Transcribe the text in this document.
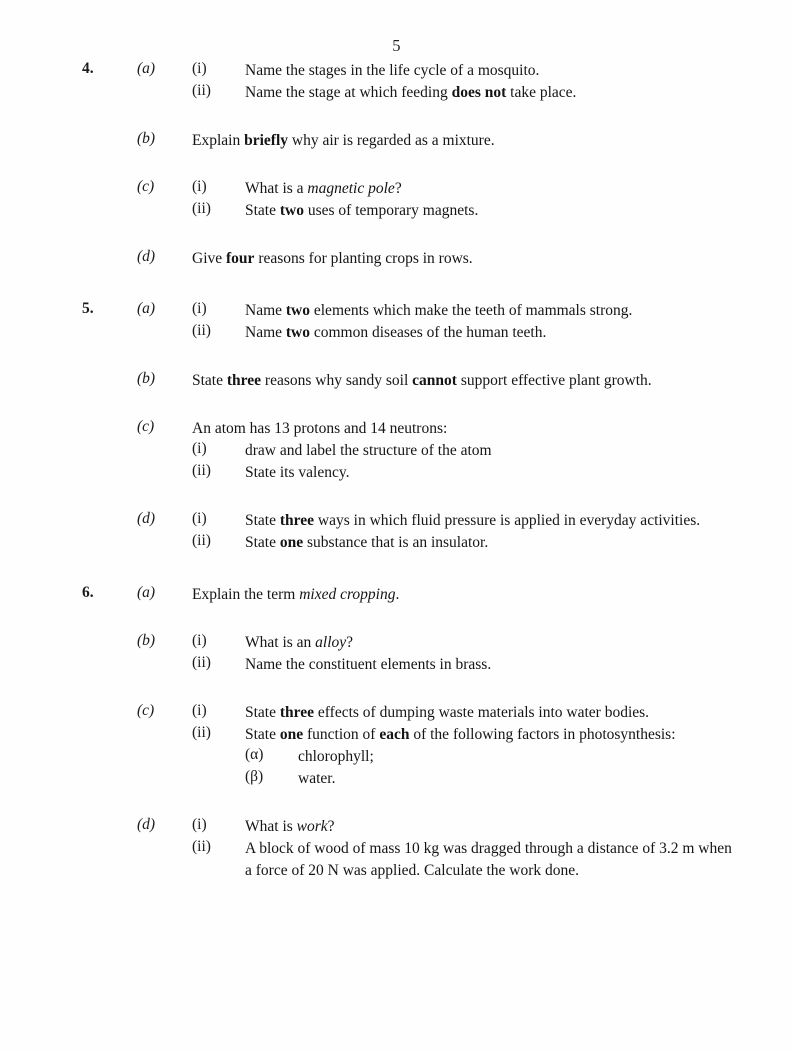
5
4.	(a)	(i)	Name the stages in the life cycle of a mosquito.
(ii)	Name the stage at which feeding does not take place.
(b)	Explain briefly why air is regarded as a mixture.
(c)	(i)	What is a magnetic pole?
(ii)	State two uses of temporary magnets.
(d)	Give four reasons for planting crops in rows.
5.	(a)	(i)	Name two elements which make the teeth of mammals strong.
(ii)	Name two common diseases of the human teeth.
(b)	State three reasons why sandy soil cannot support effective plant growth.
(c)	An atom has 13 protons and 14 neutrons:
(i)	draw and label the structure of the atom
(ii)	State its valency.
(d)	(i)	State three ways in which fluid pressure is applied in everyday activities.
(ii)	State one substance that is an insulator.
6.	(a)	Explain the term mixed cropping.
(b)	(i)	What is an alloy?
(ii)	Name the constituent elements in brass.
(c)	(i)	State three effects of dumping waste materials into water bodies.
(ii)	State one function of each of the following factors in photosynthesis:
(α)	chlorophyll;
(β)	water.
(d)	(i)	What is work?
(ii)	A block of wood of mass 10 kg was dragged through a distance of 3.2 m when a force of 20 N was applied. Calculate the work done.
